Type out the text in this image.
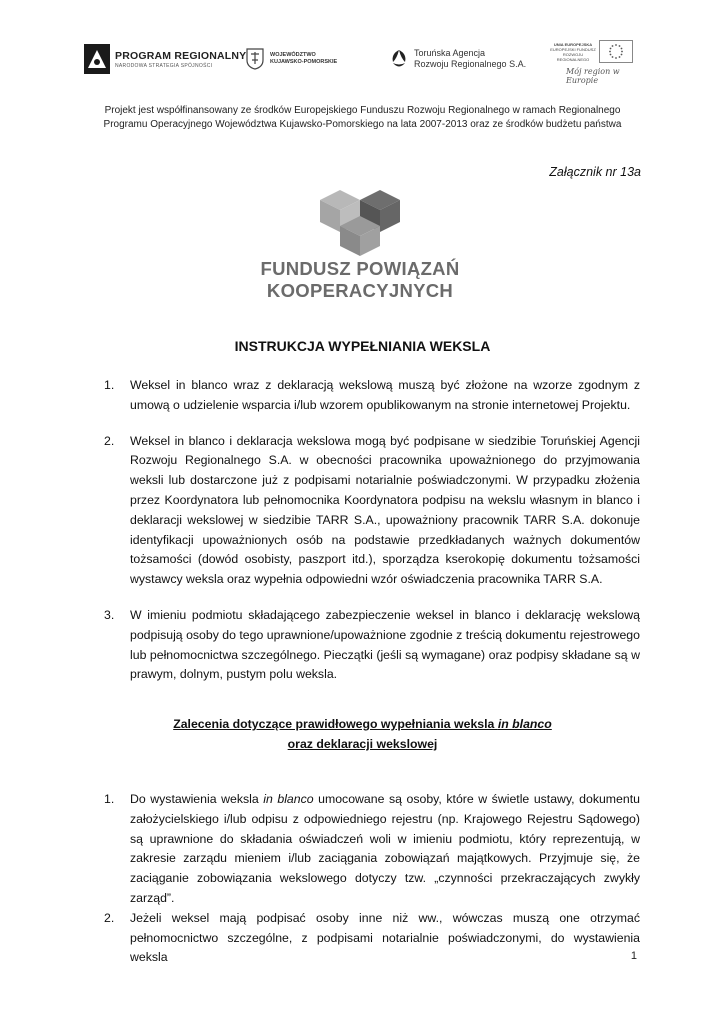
PROGRAM REGIONALNY
NARODOWA STRATEGIA SPÓJNOŚCI
WOJEWÓDZTWO
KUJAWSKO-POMORSKIE
Toruńska Agencja
Rozwoju Regionalnego S.A.
UNIA EUROPEJSKA
EUROPEJSKI FUNDUSZ
ROZWOJU REGIONALNEGO
Mój region w Europie
Projekt jest współfinansowany ze środków Europejskiego Funduszu Rozwoju Regionalnego w ramach Regionalnego
Programu Operacyjnego Województwa Kujawsko-Pomorskiego na lata 2007-2013 oraz ze środków budżetu państwa
Załącznik nr 13a
FUNDUSZ POWIĄZAŃ
KOOPERACYJNYCH
INSTRUKCJA WYPEŁNIANIA WEKSLA
1. Weksel in blanco wraz z deklaracją wekslową muszą być złożone na wzorze zgodnym z umową o udzielenie wsparcia i/lub wzorem opublikowanym na stronie internetowej Projektu.
2. Weksel in blanco i deklaracja wekslowa mogą być podpisane w siedzibie Toruńskiej Agencji Rozwoju Regionalnego S.A. w obecności pracownika upoważnionego do przyjmowania weksli lub dostarczone już z podpisami notarialnie poświadczonymi. W przypadku złożenia przez Koordynatora lub pełnomocnika Koordynatora podpisu na wekslu własnym in blanco i deklaracji wekslowej w siedzibie TARR S.A., upoważniony pracownik TARR S.A. dokonuje identyfikacji upoważnionych osób na podstawie przedkładanych ważnych dokumentów tożsamości (dowód osobisty, paszport itd.), sporządza kserokopię dokumentu tożsamości wystawcy weksla oraz wypełnia odpowiedni wzór oświadczenia pracownika TARR S.A.
3. W imieniu podmiotu składającego zabezpieczenie weksel in blanco i deklarację wekslową podpisują osoby do tego uprawnione/upoważnione zgodnie z treścią dokumentu rejestrowego lub pełnomocnictwa szczególnego. Pieczątki (jeśli są wymagane) oraz podpisy składane są w prawym, dolnym, pustym polu weksla.
Zalecenia dotyczące prawidłowego wypełniania weksla in blanco
oraz deklaracji wekslowej
1. Do wystawienia weksla in blanco umocowane są osoby, które w świetle ustawy, dokumentu założycielskiego i/lub odpisu z odpowiedniego rejestru (np. Krajowego Rejestru Sądowego) są uprawnione do składania oświadczeń woli w imieniu podmiotu, który reprezentują, w zakresie zarządu mieniem i/lub zaciągania zobowiązań majątkowych. Przyjmuje się, że zaciąganie zobowiązania wekslowego dotyczy tzw. „czynności przekraczających zwykły zarząd”.
2. Jeżeli weksel mają podpisać osoby inne niż ww., wówczas muszą one otrzymać pełnomocnictwo szczególne, z podpisami notarialnie poświadczonymi, do wystawienia weksla	1
